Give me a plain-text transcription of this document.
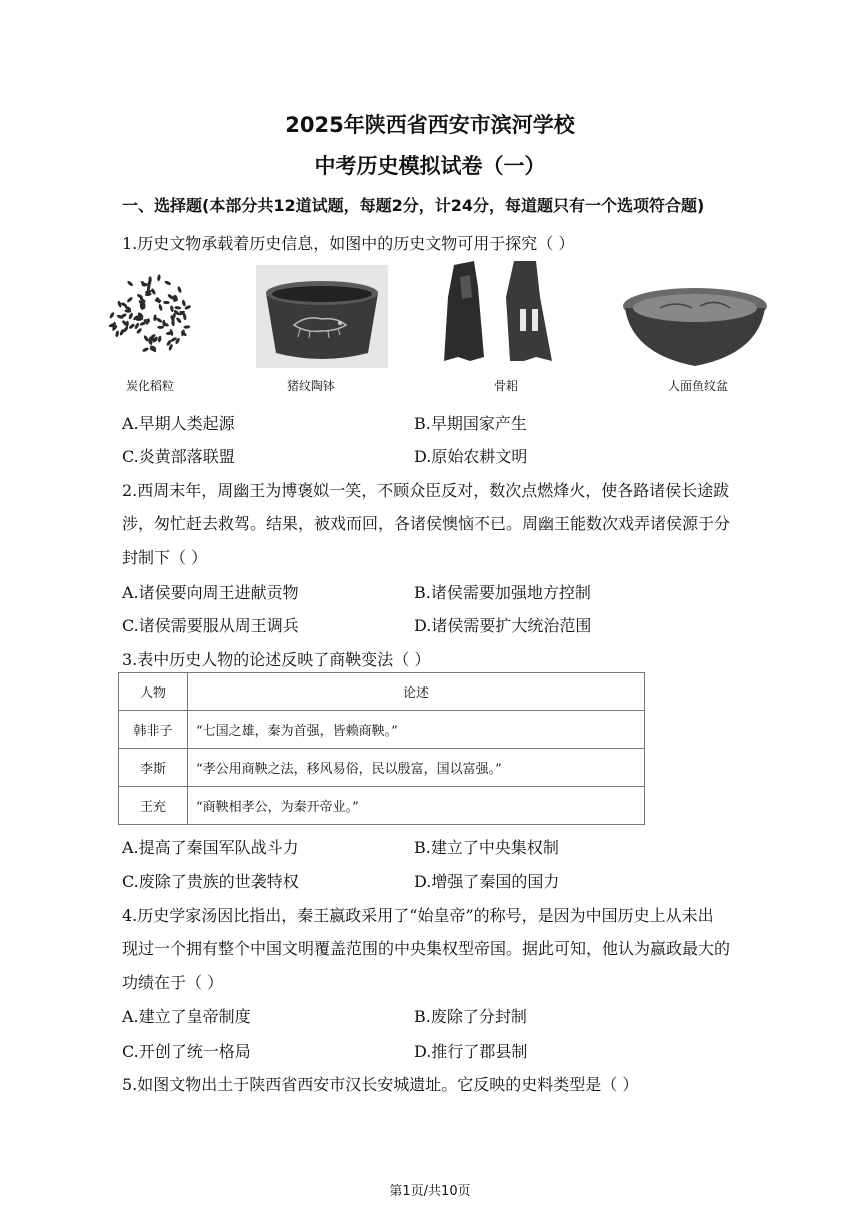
2025年陕西省西安市滨河学校
中考历史模拟试卷（一）
一、选择题(本部分共12道试题，每题2分，计24分，每道题只有一个选项符合题)
1.历史文物承载着历史信息，如图中的历史文物可用于探究（ ）
炭化稻粒	猪纹陶钵	骨耜	人面鱼纹盆
A.早期人类起源	B.早期国家产生
C.炎黄部落联盟	D.原始农耕文明
2.西周末年，周幽王为博褒姒一笑，不顾众臣反对，数次点燃烽火，使各路诸侯长途跋
涉，匆忙赶去救驾。结果，被戏而回，各诸侯懊恼不已。周幽王能数次戏弄诸侯源于分
封制下（ ）
A.诸侯要向周王进献贡物	B.诸侯需要加强地方控制
C.诸侯需要服从周王调兵	D.诸侯需要扩大统治范围
3.表中历史人物的论述反映了商鞅变法（ ）
人物	论述
韩非子	“七国之雄，秦为首强，皆赖商鞅。”
李斯	“孝公用商鞅之法，移风易俗，民以殷富，国以富强。”
王充	“商鞅相孝公，为秦开帝业。”
A.提高了秦国军队战斗力	B.建立了中央集权制
C.废除了贵族的世袭特权	D.增强了秦国的国力
4.历史学家汤因比指出，秦王嬴政采用了“始皇帝”的称号，是因为中国历史上从未出
现过一个拥有整个中国文明覆盖范围的中央集权型帝国。据此可知，他认为嬴政最大的
功绩在于（ ）
A.建立了皇帝制度	B.废除了分封制
C.开创了统一格局	D.推行了郡县制
5.如图文物出土于陕西省西安市汉长安城遗址。它反映的史料类型是（ ）
第1页/共10页
